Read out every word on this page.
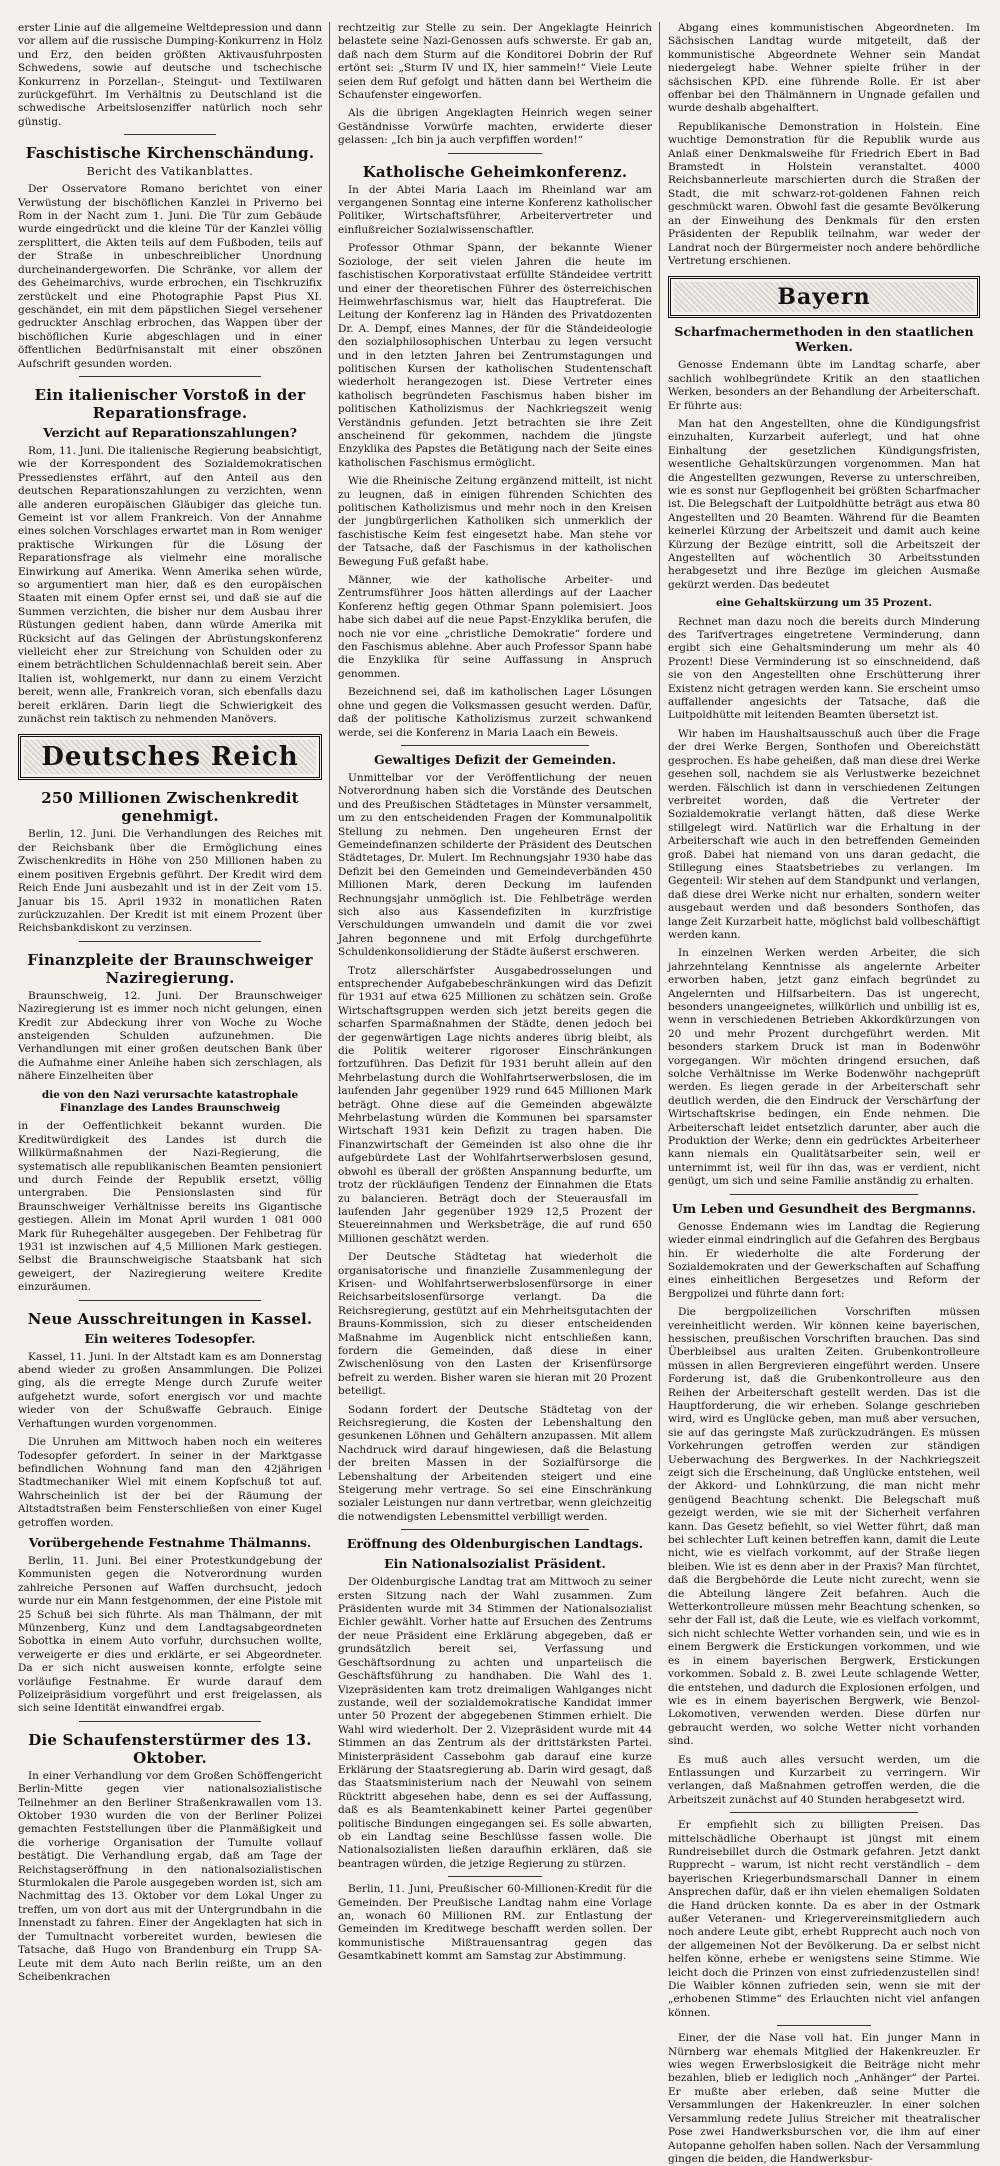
erster Linie auf die allgemeine Weltdepression und dann vor allem auf die russische Dumping-Konkurrenz in Holz und Erz, den beiden größten Aktivausfuhrposten Schwedens, sowie auf deutsche und tschechische Konkurrenz in Porzellan-, Steingut- und Textilwaren zurückgeführt. Im Verhältnis zu Deutschland ist die schwedische Arbeitslosenziffer natürlich noch sehr günstig.

Faschistische Kirchenschändung.
Bericht des Vatikanblattes.

Der Osservatore Romano berichtet von einer Verwüstung der bischöflichen Kanzlei in Priverno bei Rom in der Nacht zum 1. Juni. Die Tür zum Gebäude wurde eingedrückt und die kleine Tür der Kanzlei völlig zersplittert, die Akten teils auf dem Fußboden, teils auf der Straße in unbeschreiblicher Unordnung durcheinandergeworfen. Die Schränke, vor allem der des Geheimarchivs, wurde erbrochen, ein Tischkruzifix zerstückelt und eine Photographie Papst Pius XI. geschändet, ein mit dem päpstlichen Siegel versehener gedruckter Anschlag erbrochen, das Wappen über der bischöflichen Kurie abgeschlagen und in einer öffentlichen Bedürfnisanstalt mit einer obszönen Aufschrift gesunden worden.

Ein italienischer Vorstoß in der Reparationsfrage.
Verzicht auf Reparationszahlungen?

Rom, 11. Juni. Die italienische Regierung beabsichtigt, wie der Korrespondent des Sozialdemokratischen Pressedienstes erfährt, auf den Anteil aus den deutschen Reparationszahlungen zu verzichten, wenn alle anderen europäischen Gläubiger das gleiche tun. Gemeint ist vor allem Frankreich. Von der Annahme eines solchen Vorschlages erwartet man in Rom weniger praktische Wirkungen für die Lösung der Reparationsfrage als vielmehr eine moralische Einwirkung auf Amerika. Wenn Amerika sehen würde, so argumentiert man hier, daß es den europäischen Staaten mit einem Opfer ernst sei, und daß sie auf die Summen verzichten, die bisher nur dem Ausbau ihrer Rüstungen gedient haben, dann würde Amerika mit Rücksicht auf das Gelingen der Abrüstungskonferenz vielleicht eher zur Streichung von Schulden oder zu einem beträchtlichen Schuldennachlaß bereit sein. Aber Italien ist, wohlgemerkt, nur dann zu einem Verzicht bereit, wenn alle, Frankreich voran, sich ebenfalls dazu bereit erklären. Darin liegt die Schwierigkeit des zunächst rein taktisch zu nehmenden Manövers.

Deutsches Reich
250 Millionen Zwischenkredit genehmigt.

Berlin, 12. Juni. Die Verhandlungen des Reiches mit der Reichsbank über die Ermöglichung eines Zwischenkredits in Höhe von 250 Millionen haben zu einem positiven Ergebnis geführt. Der Kredit wird dem Reich Ende Juni ausbezahlt und ist in der Zeit vom 15. Januar bis 15. April 1932 in monatlichen Raten zurückzuzahlen. Der Kredit ist mit einem Prozent über Reichsbankdiskont zu verzinsen.

Finanzpleite der Braunschweiger Naziregierung.

Braunschweig, 12. Juni. Der Braunschweiger Naziregierung ist es immer noch nicht gelungen, einen Kredit zur Abdeckung ihrer von Woche zu Woche ansteigenden Schulden aufzunehmen. Die Verhandlungen mit einer großen deutschen Bank über die Aufnahme einer Anleihe haben sich zerschlagen, als nähere Einzelheiten über

die von den Nazi verursachte katastrophale Finanzlage des Landes Braunschweig

in der Oeffentlichkeit bekannt wurden. Die Kreditwürdigkeit des Landes ist durch die Willkürmaßnahmen der Nazi-Regierung, die systematisch alle republikanischen Beamten pensioniert und durch Feinde der Republik ersetzt, völlig untergraben. Die Pensionslasten sind für Braunschweiger Verhältnisse bereits ins Gigantische gestiegen. Allein im Monat April wurden 1 081 000 Mark für Ruhegehälter ausgegeben. Der Fehlbetrag für 1931 ist inzwischen auf 4,5 Millionen Mark gestiegen. Selbst die Braunschweigische Staatsbank hat sich geweigert, der Naziregierung weitere Kredite einzuräumen.

Neue Ausschreitungen in Kassel.
Ein weiteres Todesopfer.

Kassel, 11. Juni. In der Altstadt kam es am Donnerstag abend wieder zu großen Ansammlungen. Die Polizei ging, als die erregte Menge durch Zurufe weiter aufgehetzt wurde, sofort energisch vor und machte wieder von der Schußwaffe Gebrauch. Einige Verhaftungen wurden vorgenommen.

Die Unruhen am Mittwoch haben noch ein weiteres Todesopfer gefordert. In seiner in der Marktgasse befindlichen Wohnung fand man den 42jährigen Stadtmechaniker Wiel mit einem Kopfschuß tot auf. Wahrscheinlich ist der bei der Räumung der Altstadtstraßen beim Fensterschließen von einer Kugel getroffen worden.

Vorübergehende Festnahme Thälmanns.

Berlin, 11. Juni. Bei einer Protestkundgebung der Kommunisten gegen die Notverordnung wurden zahlreiche Personen auf Waffen durchsucht, jedoch wurde nur ein Mann festgenommen, der eine Pistole mit 25 Schuß bei sich führte. Als man Thälmann, der mit Münzenberg, Kunz und dem Landtagsabgeordneten Sobottka in einem Auto vorfuhr, durchsuchen wollte, verweigerte er dies und erklärte, er sei Abgeordneter. Da er sich nicht ausweisen konnte, erfolgte seine vorläufige Festnahme. Er wurde darauf dem Polizeipräsidium vorgeführt und erst freigelassen, als sich seine Identität einwandfrei ergab.

Die Schaufensterstürmer des 13. Oktober.

In einer Verhandlung vor dem Großen Schöffengericht Berlin-Mitte gegen vier nationalsozialistische Teilnehmer an den Berliner Straßenkrawallen vom 13. Oktober 1930 wurden die von der Berliner Polizei gemachten Feststellungen über die Planmäßigkeit und die vorherige Organisation der Tumulte vollauf bestätigt. Die Verhandlung ergab, daß am Tage der Reichstagseröffnung in den nationalsozialistischen Sturmlokalen die Parole ausgegeben worden ist, sich am Nachmittag des 13. Oktober vor dem Lokal Unger zu treffen, um von dort aus mit der Untergrundbahn in die Innenstadt zu fahren. Einer der Angeklagten hat sich in der Tumultnacht vorbereitet wurden, bewiesen die Tatsache, daß Hugo von Brandenburg ein Trupp SA-Leute mit dem Auto nach Berlin reißte, um an den Scheibenkrachen

rechtzeitig zur Stelle zu sein. Der Angeklagte Heinrich belastete seine Nazi-Genossen aufs schwerste. Er gab an, daß nach dem Sturm auf die Konditorei Dobrin der Ruf ertönt sei: „Sturm IV und IX, hier sammeln!“ Viele Leute seien dem Ruf gefolgt und hätten dann bei Wertheim die Schaufenster eingeworfen.

Als die übrigen Angeklagten Heinrich wegen seiner Geständnisse Vorwürfe machten, erwiderte dieser gelassen: „Ich bin ja auch verpfiffen worden!“

Katholische Geheimkonferenz.

In der Abtei Maria Laach im Rheinland war am vergangenen Sonntag eine interne Konferenz katholischer Politiker, Wirtschaftsführer, Arbeitervertreter und einflußreicher Sozialwissenschaftler.

Professor Othmar Spann, der bekannte Wiener Soziologe, der seit vielen Jahren die heute im faschistischen Korporativstaat erfüllte Ständeidee vertritt und einer der theoretischen Führer des österreichischen Heimwehrfaschismus war, hielt das Hauptreferat. Die Leitung der Konferenz lag in Händen des Privatdozenten Dr. A. Dempf, eines Mannes, der für die Ständeideologie den sozialphilosophischen Unterbau zu legen versucht und in den letzten Jahren bei Zentrumstagungen und politischen Kursen der katholischen Studentenschaft wiederholt herangezogen ist. Diese Vertreter eines katholisch begründeten Faschismus haben bisher im politischen Katholizismus der Nachkriegszeit wenig Verständnis gefunden. Jetzt betrachten sie ihre Zeit anscheinend für gekommen, nachdem die jüngste Enzyklika des Papstes die Betätigung nach der Seite eines katholischen Faschismus ermöglicht.

Wie die Rheinische Zeitung ergänzend mitteilt, ist nicht zu leugnen, daß in einigen führenden Schichten des politischen Katholizismus und mehr noch in den Kreisen der jungbürgerlichen Katholiken sich unmerklich der faschistische Keim fest eingesetzt habe. Man stehe vor der Tatsache, daß der Faschismus in der katholischen Bewegung Fuß gefaßt habe.

Männer, wie der katholische Arbeiter- und Zentrumsführer Joos hätten allerdings auf der Laacher Konferenz heftig gegen Othmar Spann polemisiert. Joos habe sich dabei auf die neue Papst-Enzyklika berufen, die noch nie vor eine „christliche Demokratie“ fordere und den Faschismus ablehne. Aber auch Professor Spann habe die Enzyklika für seine Auffassung in Anspruch genommen.

Bezeichnend sei, daß im katholischen Lager Lösungen ohne und gegen die Volksmassen gesucht werden. Dafür, daß der politische Katholizismus zurzeit schwankend werde, sei die Konferenz in Maria Laach ein Beweis.

Gewaltiges Defizit der Gemeinden.

Unmittelbar vor der Veröffentlichung der neuen Notverordnung haben sich die Vorstände des Deutschen und des Preußischen Städtetages in Münster versammelt, um zu den entscheidenden Fragen der Kommunalpolitik Stellung zu nehmen. Den ungeheuren Ernst der Gemeindefinanzen schilderte der Präsident des Deutschen Städtetages, Dr. Mulert. Im Rechnungsjahr 1930 habe das Defizit bei den Gemeinden und Gemeindeverbänden 450 Millionen Mark, deren Deckung im laufenden Rechnungsjahr unmöglich ist. Die Fehlbeträge werden sich also aus Kassendefiziten in kurzfristige Verschuldungen umwandeln und damit die vor zwei Jahren begonnene und mit Erfolg durchgeführte Schuldenkonsolidierung der Städte äußerst erschweren.

Trotz allerschärfster Ausgabedrosselungen und entsprechender Aufgabebeschränkungen wird das Defizit für 1931 auf etwa 625 Millionen zu schätzen sein. Große Wirtschaftsgruppen werden sich jetzt bereits gegen die scharfen Sparmaßnahmen der Städte, denen jedoch bei der gegenwärtigen Lage nichts anderes übrig bleibt, als die Politik weiterer rigoroser Einschränkungen fortzuführen. Das Defizit für 1931 beruht allein auf den Mehrbelastung durch die Wohlfahrtserwerbslosen, die im laufenden Jahr gegenüber 1929 rund 645 Millionen Mark beträgt. Ohne diese auf die Gemeinden abgewälzte Mehrbelastung würden die Kommunen bei sparsamster Wirtschaft 1931 kein Defizit zu tragen haben. Die Finanzwirtschaft der Gemeinden ist also ohne die ihr aufgebürdete Last der Wohlfahrtserwerbslosen gesund, obwohl es überall der größten Anspannung bedurfte, um trotz der rückläufigen Tendenz der Einnahmen die Etats zu balancieren. Beträgt doch der Steuerausfall im laufenden Jahr gegenüber 1929 12,5 Prozent der Steuereinnahmen und Werksbeträge, die auf rund 650 Millionen geschätzt werden.

Der Deutsche Städtetag hat wiederholt die organisatorische und finanzielle Zusammenlegung der Krisen- und Wohlfahrtserwerbslosenfürsorge in einer Reichsarbeitslosenfürsorge verlangt. Da die Reichsregierung, gestützt auf ein Mehrheitsgutachten der Brauns-Kommission, sich zu dieser entscheidenden Maßnahme im Augenblick nicht entschließen kann, fordern die Gemeinden, daß diese in einer Zwischenlösung von den Lasten der Krisenfürsorge befreit zu werden. Bisher waren sie hieran mit 20 Prozent beteiligt.

Sodann fordert der Deutsche Städtetag von der Reichsregierung, die Kosten der Lebenshaltung den gesunkenen Löhnen und Gehältern anzupassen. Mit allem Nachdruck wird darauf hingewiesen, daß die Belastung der breiten Massen in der Sozialfürsorge die Lebenshaltung der Arbeitenden steigert und eine Steigerung mehr vertrage. So sei eine Einschränkung sozialer Leistungen nur dann vertretbar, wenn gleichzeitig die notwendigsten Lebensmittel verbilligt werden.

Eröffnung des Oldenburgischen Landtags.
Ein Nationalsozialist Präsident.

Der Oldenburgische Landtag trat am Mittwoch zu seiner ersten Sitzung nach der Wahl zusammen. Zum Präsidenten wurde mit 34 Stimmen der Nationalsozialist Eichler gewählt. Vorher hatte auf Ersuchen des Zentrums der neue Präsident eine Erklärung abgegeben, daß er grundsätzlich bereit sei, Verfassung und Geschäftsordnung zu achten und unparteiisch die Geschäftsführung zu handhaben. Die Wahl des 1. Vizepräsidenten kam trotz dreimaligen Wahlganges nicht zustande, weil der sozialdemokratische Kandidat immer unter 50 Prozent der abgegebenen Stimmen erhielt. Die Wahl wird wiederholt. Der 2. Vizepräsident wurde mit 44 Stimmen an das Zentrum als der drittstärksten Partei. Ministerpräsident Cassebohm gab darauf eine kurze Erklärung der Staatsregierung ab. Darin wird gesagt, daß das Staatsministerium nach der Neuwahl von seinem Rücktritt abgesehen habe, denn es sei der Auffassung, daß es als Beamtenkabinett keiner Partei gegenüber politische Bindungen eingegangen sei. Es solle abwarten, ob ein Landtag seine Beschlüsse fassen wolle. Die Nationalsozialisten ließen daraufhin erklären, daß sie beantragen würden, die jetzige Regierung zu stürzen.

Berlin, 11. Juni, Preußischer 60-Millionen-Kredit für die Gemeinden. Der Preußische Landtag nahm eine Vorlage an, wonach 60 Millionen RM. zur Entlastung der Gemeinden im Kreditwege beschafft werden sollen. Der kommunistische Mißtrauensantrag gegen das Gesamtkabinett kommt am Samstag zur Abstimmung.

Abgang eines kommunistischen Abgeordneten. Im Sächsischen Landtag wurde mitgeteilt, daß der kommunistische Abgeordnete Wehner sein Mandat niedergelegt habe. Wehner spielte früher in der sächsischen KPD. eine führende Rolle. Er ist aber offenbar bei den Thälmännern in Ungnade gefallen und wurde deshalb abgehalftert.

Republikanische Demonstration in Holstein. Eine wuchtige Demonstration für die Republik wurde aus Anlaß einer Denkmalsweihe für Friedrich Ebert in Bad Bramstedt in Holstein veranstaltet. 4000 Reichsbannerleute marschierten durch die Straßen der Stadt, die mit schwarz-rot-goldenen Fahnen reich geschmückt waren. Obwohl fast die gesamte Bevölkerung an der Einweihung des Denkmals für den ersten Präsidenten der Republik teilnahm, war weder der Landrat noch der Bürgermeister noch andere behördliche Vertretung erschienen.

Bayern
Scharfmachermethoden in den staatlichen Werken.

Genosse Endemann übte im Landtag scharfe, aber sachlich wohlbegründete Kritik an den staatlichen Werken, besonders an der Behandlung der Arbeiterschaft. Er führte aus:

Man hat den Angestellten, ohne die Kündigungsfrist einzuhalten, Kurzarbeit auferlegt, und hat ohne Einhaltung der gesetzlichen Kündigungsfristen, wesentliche Gehaltskürzungen vorgenommen. Man hat die Angestellten gezwungen, Reverse zu unterschreiben, wie es sonst nur Gepflogenheit bei größten Scharfmacher ist. Die Belegschaft der Luitpoldhütte beträgt aus etwa 80 Angestellten und 20 Beamten. Während für die Beamten keinerlei Kürzung der Arbeitszeit und damit auch keine Kürzung der Bezüge eintritt, soll die Arbeitszeit der Angestellten auf wöchentlich 30 Arbeitsstunden herabgesetzt und ihre Bezüge im gleichen Ausmaße gekürzt werden. Das bedeutet

eine Gehaltskürzung um 35 Prozent.

Rechnet man dazu noch die bereits durch Minderung des Tarifvertrages eingetretene Verminderung, dann ergibt sich eine Gehaltsminderung um mehr als 40 Prozent! Diese Verminderung ist so einschneidend, daß sie von den Angestellten ohne Erschütterung ihrer Existenz nicht getragen werden kann. Sie erscheint umso auffallender angesichts der Tatsache, daß die Luitpoldhütte mit leitenden Beamten übersetzt ist.

Wir haben im Haushaltsausschuß auch über die Frage der drei Werke Bergen, Sonthofen und Obereichstätt gesprochen. Es habe geheißen, daß man diese drei Werke gesehen soll, nachdem sie als Verlustwerke bezeichnet werden. Fälschlich ist dann in verschiedenen Zeitungen verbreitet worden, daß die Vertreter der Sozialdemokratie verlangt hätten, daß diese Werke stillgelegt wird. Natürlich war die Erhaltung in der Arbeiterschaft wie auch in den betreffenden Gemeinden groß. Dabei hat niemand von uns daran gedacht, die Stillegung eines Staatsbetriebes zu verlangen. Im Gegenteil: Wir stehen auf dem Standpunkt und verlangen, daß diese drei Werke nicht nur erhalten, sondern weiter ausgebaut werden und daß besonders Sonthofen, das lange Zeit Kurzarbeit hatte, möglichst bald vollbeschäftigt werden kann.

In einzelnen Werken werden Arbeiter, die sich jahrzehntelang Kenntnisse als angelernte Arbeiter erworben haben, jetzt ganz einfach begründet zu Angelernten und Hilfsarbeitern. Das ist ungerecht, besonders unangeeignetes, willkürlich und unbillig ist es, wenn in verschiedenen Betrieben Akkordkürzungen von 20 und mehr Prozent durchgeführt werden. Mit besonders starkem Druck ist man in Bodenwöhr vorgegangen. Wir möchten dringend ersuchen, daß solche Verhältnisse im Werke Bodenwöhr nachgeprüft werden. Es liegen gerade in der Arbeiterschaft sehr deutlich werden, die den Eindruck der Verschärfung der Wirtschaftskrise bedingen, ein Ende nehmen. Die Arbeiterschaft leidet entsetzlich darunter, aber auch die Produktion der Werke; denn ein gedrücktes Arbeiterheer kann niemals ein Qualitätsarbeiter sein, weil er unternimmt ist, weil für ihn das, was er verdient, nicht genügt, um sich und seine Familie anständig zu erhalten.

Um Leben und Gesundheit des Bergmanns.

Genosse Endemann wies im Landtag die Regierung wieder einmal eindringlich auf die Gefahren des Bergbaus hin. Er wiederholte die alte Forderung der Sozialdemokraten und der Gewerkschaften auf Schaffung eines einheitlichen Bergesetzes und Reform der Bergpolizei und führte dann fort:

Die bergpolizeilichen Vorschriften müssen vereinheitlicht werden. Wir können keine bayerischen, hessischen, preußischen Vorschriften brauchen. Das sind Überbleibsel aus uralten Zeiten. Grubenkontrolleure müssen in allen Bergrevieren eingeführt werden. Unsere Forderung ist, daß die Grubenkontrolleure aus den Reihen der Arbeiterschaft gestellt werden. Das ist die Hauptforderung, die wir erheben. Solange geschrieben wird, wird es Unglücke geben, man muß aber versuchen, sie auf das geringste Maß zurückzudrängen. Es müssen Vorkehrungen getroffen werden zur ständigen Ueberwachung des Bergwerkes. In der Nachkriegszeit zeigt sich die Erscheinung, daß Unglücke entstehen, weil der Akkord- und Lohnkürzung, die man nicht mehr genügend Beachtung schenkt. Die Belegschaft muß gezeigt werden, wie sie mit der Sicherheit verfahren kann. Das Gesetz befiehlt, so viel Wetter führt, daß man bei schlechter Luft keinen betreffen kann, damit die Leute nicht, wie es vielfach vorkommt, auf der Straße liegen bleiben. Wie ist es denn aber in der Praxis? Man fürchtet, daß die Bergbehörde die Leute nicht zurecht, wenn sie die Abteilung längere Zeit befahren. Auch die Wetterkontrolleure müssen mehr Beachtung schenken, so sehr der Fall ist, daß die Leute, wie es vielfach vorkommt, sich nicht schlechte Wetter vorhanden sein, und wie es in einem Bergwerk die Erstickungen vorkommen, und wie es in einem bayerischen Bergwerk, Erstickungen vorkommen. Sobald z. B. zwei Leute schlagende Wetter, die entstehen, und dadurch die Explosionen erfolgen, und wie es in einem bayerischen Bergwerk, wie Benzol-Lokomotiven, verwenden werden. Diese dürfen nur gebraucht werden, wo solche Wetter nicht vorhanden sind.

Es muß auch alles versucht werden, um die Entlassungen und Kurzarbeit zu verringern. Wir verlangen, daß Maßnahmen getroffen werden, die die Arbeitszeit zunächst auf 40 Stunden herabgesetzt wird.

Er empfiehlt sich zu billigten Preisen. Das mittelschädliche Oberhaupt ist jüngst mit einem Rundreisebillet durch die Ostmark gefahren. Jetzt dankt Rupprecht – warum, ist nicht recht verständlich – dem bayerischen Kriegerbundsmarschall Danner in einem Ansprechen dafür, daß er ihn vielen ehemaligen Soldaten die Hand drücken konnte. Da es aber in der Ostmark außer Veteranen- und Kriegervereinsmitgliedern auch noch andere Leute gibt, erhebt Rupprecht auch noch von der allgemeinen Not der Bevölkerung. Da er selbst nicht helfen könne, erhebe er wenigstens seine Stimme. Wie leicht doch die Prinzen von einst zufriedenzustellen sind! Die Waibler können zufrieden sein, wenn sie mit der „erhobenen Stimme“ des Erlauchten nicht viel anfangen können.

Einer, der die Nase voll hat. Ein junger Mann in Nürnberg war ehemals Mitglied der Hakenkreuzler. Er wies wegen Erwerbslosigkeit die Beiträge nicht mehr bezahlen, blieb er lediglich noch „Anhänger“ der Partei. Er mußte aber erleben, daß seine Mutter die Versammlungen der Hakenkreuzler. In einer solchen Versammlung redete Julius Streicher mit theatralischer Pose zwei Handwerksburschen vor, die ihm auf einer Autopanne geholfen haben sollen. Nach der Versammlung gingen die beiden, die Handwerksbur-
